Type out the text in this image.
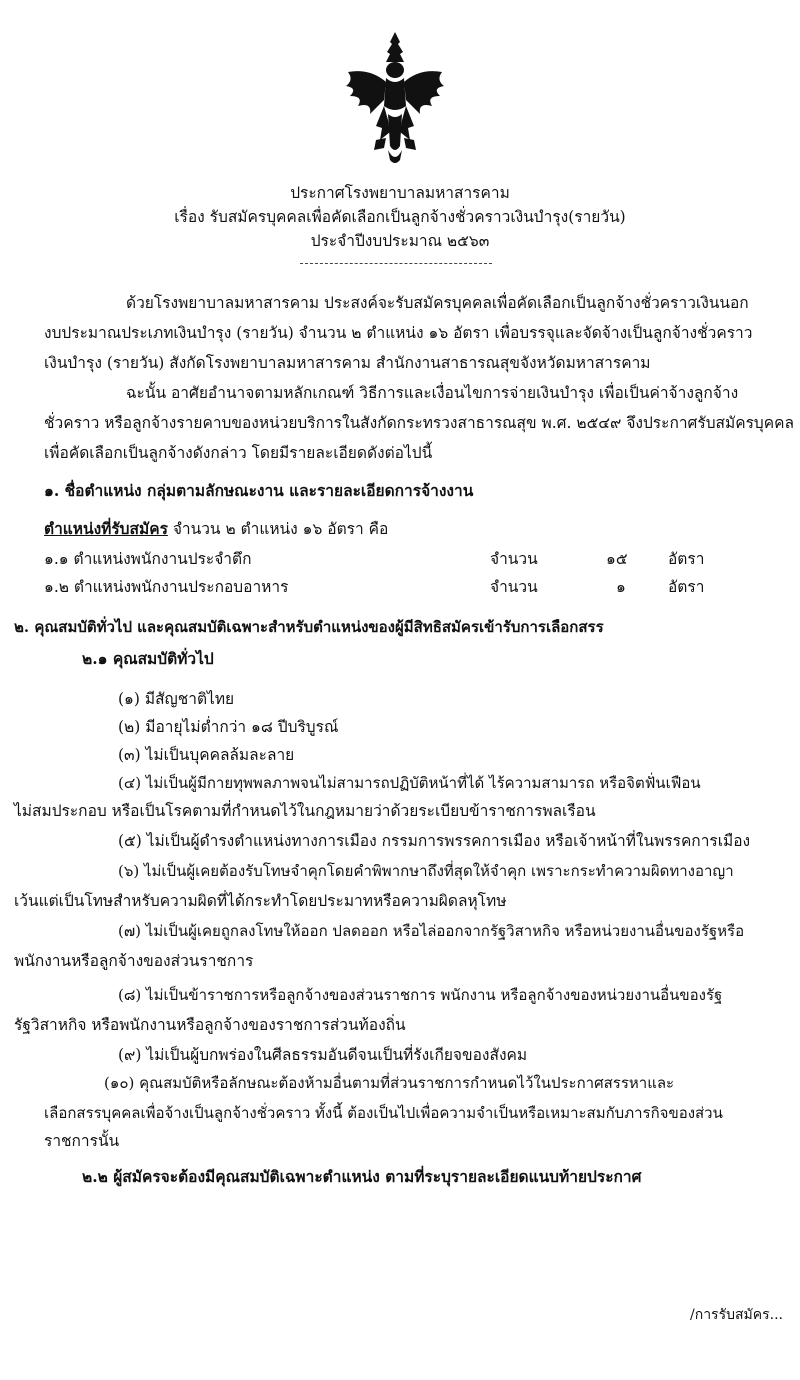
ประกาศโรงพยาบาลมหาสารคาม
เรื่อง รับสมัครบุคคลเพื่อคัดเลือกเป็นลูกจ้างชั่วคราวเงินบำรุง(รายวัน)
ประจำปีงบประมาณ ๒๕๖๓
ด้วยโรงพยาบาลมหาสารคาม ประสงค์จะรับสมัครบุคคลเพื่อคัดเลือกเป็นลูกจ้างชั่วคราวเงินนอก
งบประมาณประเภทเงินบำรุง (รายวัน) จำนวน ๒ ตำแหน่ง ๑๖ อัตรา เพื่อบรรจุและจัดจ้างเป็นลูกจ้างชั่วคราว
เงินบำรุง (รายวัน) สังกัดโรงพยาบาลมหาสารคาม สำนักงานสาธารณสุขจังหวัดมหาสารคาม
ฉะนั้น อาศัยอำนาจตามหลักเกณฑ์ วิธีการและเงื่อนไขการจ่ายเงินบำรุง เพื่อเป็นค่าจ้างลูกจ้าง
ชั่วคราว หรือลูกจ้างรายคาบของหน่วยบริการในสังกัดกระทรวงสาธารณสุข พ.ศ. ๒๕๔๙ จึงประกาศรับสมัครบุคคล
เพื่อคัดเลือกเป็นลูกจ้างดังกล่าว โดยมีรายละเอียดดังต่อไปนี้
๑. ชื่อตำแหน่ง กลุ่มตามลักษณะงาน และรายละเอียดการจ้างงาน
ตำแหน่งที่รับสมัคร จำนวน ๒ ตำแหน่ง ๑๖ อัตรา คือ
๑.๑ ตำแหน่งพนักงานประจำตึก	จำนวน	๑๕	อัตรา
๑.๒ ตำแหน่งพนักงานประกอบอาหาร	จำนวน	๑	อัตรา
๒. คุณสมบัติทั่วไป และคุณสมบัติเฉพาะสำหรับตำแหน่งของผู้มีสิทธิสมัครเข้ารับการเลือกสรร
๒.๑ คุณสมบัติทั่วไป
(๑) มีสัญชาติไทย
(๒) มีอายุไม่ต่ำกว่า ๑๘ ปีบริบูรณ์
(๓) ไม่เป็นบุคคลล้มละลาย
(๔) ไม่เป็นผู้มีกายทุพพลภาพจนไม่สามารถปฏิบัติหน้าที่ได้ ไร้ความสามารถ หรือจิตฟั่นเฟือน
ไม่สมประกอบ หรือเป็นโรคตามที่กำหนดไว้ในกฎหมายว่าด้วยระเบียบข้าราชการพลเรือน
(๕) ไม่เป็นผู้ดำรงตำแหน่งทางการเมือง กรรมการพรรคการเมือง หรือเจ้าหน้าที่ในพรรคการเมือง
(๖) ไม่เป็นผู้เคยต้องรับโทษจำคุกโดยคำพิพากษาถึงที่สุดให้จำคุก เพราะกระทำความผิดทางอาญา
เว้นแต่เป็นโทษสำหรับความผิดที่ได้กระทำโดยประมาทหรือความผิดลหุโทษ
(๗) ไม่เป็นผู้เคยถูกลงโทษให้ออก ปลดออก หรือไล่ออกจากรัฐวิสาหกิจ หรือหน่วยงานอื่นของรัฐหรือ
พนักงานหรือลูกจ้างของส่วนราชการ
(๘) ไม่เป็นข้าราชการหรือลูกจ้างของส่วนราชการ พนักงาน หรือลูกจ้างของหน่วยงานอื่นของรัฐ
รัฐวิสาหกิจ หรือพนักงานหรือลูกจ้างของราชการส่วนท้องถิ่น
(๙) ไม่เป็นผู้บกพร่องในศีลธรรมอันดีจนเป็นที่รังเกียจของสังคม
(๑๐) คุณสมบัติหรือลักษณะต้องห้ามอื่นตามที่ส่วนราชการกำหนดไว้ในประกาศสรรหาและ
เลือกสรรบุคคลเพื่อจ้างเป็นลูกจ้างชั่วคราว ทั้งนี้ ต้องเป็นไปเพื่อความจำเป็นหรือเหมาะสมกับภารกิจของส่วน
ราชการนั้น
๒.๒ ผู้สมัครจะต้องมีคุณสมบัติเฉพาะตำแหน่ง ตามที่ระบุรายละเอียดแนบท้ายประกาศ
/การรับสมัคร...
